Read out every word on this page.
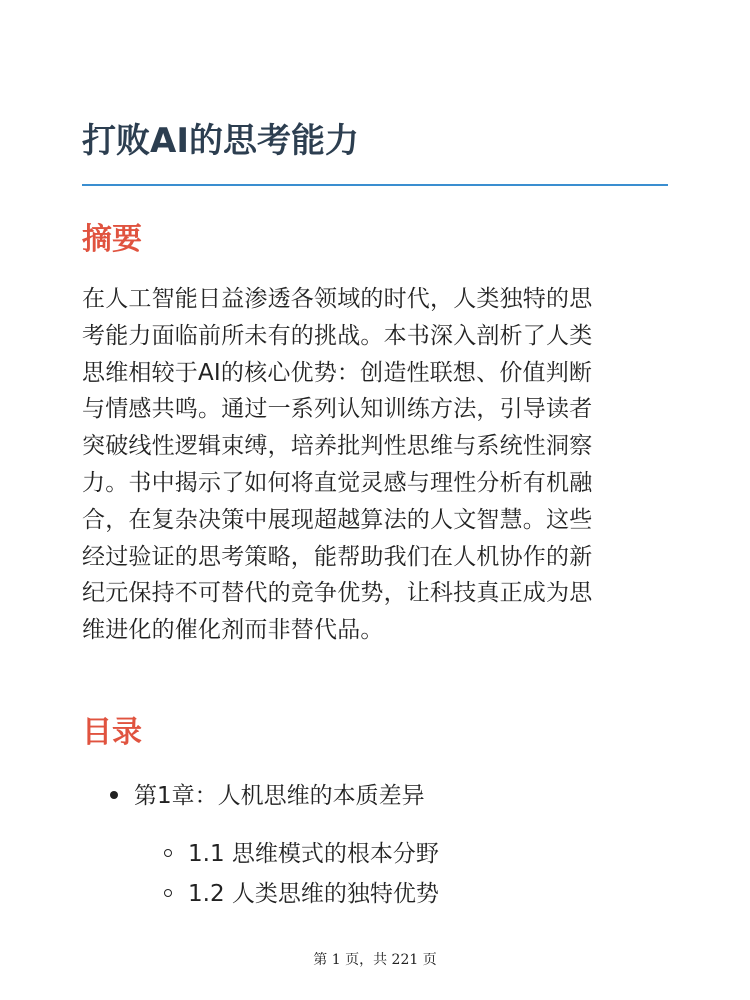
打败AI的思考能力
摘要

在人工智能日益渗透各领域的时代，人类独特的思
考能力面临前所未有的挑战。本书深入剖析了人类
思维相较于AI的核心优势：创造性联想、价值判断
与情感共鸣。通过一系列认知训练方法，引导读者
突破线性逻辑束缚，培养批判性思维与系统性洞察
力。书中揭示了如何将直觉灵感与理性分析有机融
合，在复杂决策中展现超越算法的人文智慧。这些
经过验证的思考策略，能帮助我们在人机协作的新
纪元保持不可替代的竞争优势，让科技真正成为思
维进化的催化剂而非替代品。

目录
第1章：人机思维的本质差异
1.1 思维模式的根本分野
1.2 人类思维的独特优势
第 1 页，共 221 页
